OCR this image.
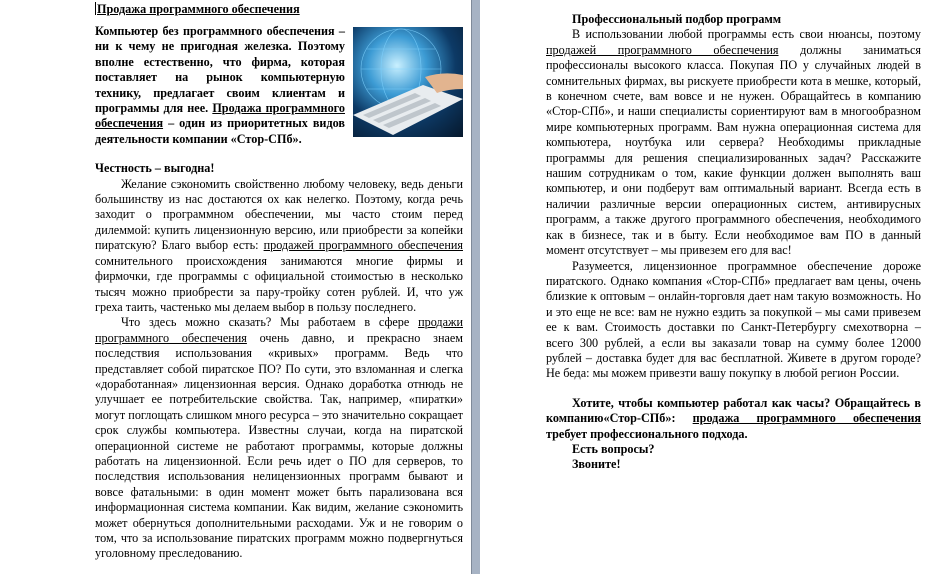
Продажа программного обеспечения

Компьютер без программного обеспечения – ни к чему не пригодная железка. Поэтому вполне естественно, что фирма, которая поставляет на рынок компьютерную технику, предлагает своим клиентам и программы для нее. Продажа программного обеспечения – один из приоритетных видов деятельности компании «Стор-СПб».

Честность – выгодна!

Желание сэкономить свойственно любому человеку, ведь деньги большинству из нас достаются ох как нелегко. Поэтому, когда речь заходит о программном обеспечении, мы часто стоим перед дилеммой: купить лицензионную версию, или приобрести за копейки пиратскую? Благо выбор есть: продажей программного обеспечения сомнительного происхождения занимаются многие фирмы и фирмочки, где программы с официальной стоимостью в несколько тысяч можно приобрести за пару-тройку сотен рублей. И, что уж греха таить, частенько мы делаем выбор в пользу последнего.

Что здесь можно сказать? Мы работаем в сфере продажи программного обеспечения очень давно, и прекрасно знаем последствия использования «кривых» программ. Ведь что представляет собой пиратское ПО? По сути, это взломанная и слегка «доработанная» лицензионная версия. Однако доработка отнюдь не улучшает ее потребительские свойства. Так, например, «пиратки» могут поглощать слишком много ресурса – это значительно сокращает срок службы компьютера. Известны случаи, когда на пиратской операционной системе не работают программы, которые должны работать на лицензионной. Если речь идет о ПО для серверов, то последствия использования нелицензионных программ бывают и вовсе фатальными: в один момент может быть парализована вся информационная система компании. Как видим, желание сэкономить может обернуться дополнительными расходами. Уж и не говорим о том, что за использование пиратских программ можно подвергнуться уголовному преследованию.

Профессиональный подбор программ

В использовании любой программы есть свои нюансы, поэтому продажей программного обеспечения должны заниматься профессионалы высокого класса. Покупая ПО у случайных людей в сомнительных фирмах, вы рискуете приобрести кота в мешке, который, в конечном счете, вам вовсе и не нужен. Обращайтесь в компанию «Стор-СПб», и наши специалисты сориентируют вам в многообразном мире компьютерных программ. Вам нужна операционная система для компьютера, ноутбука или сервера? Необходимы прикладные программы для решения специализированных задач? Расскажите нашим сотрудникам о том, какие функции должен выполнять ваш компьютер, и они подберут вам оптимальный вариант. Всегда есть в наличии различные версии операционных систем, антивирусных программ, а также другого программного обеспечения, необходимого как в бизнесе, так и в быту. Если необходимое вам ПО в данный момент отсутствует – мы привезем его для вас!

Разумеется, лицензионное программное обеспечение дороже пиратского. Однако компания «Стор-СПб» предлагает вам цены, очень близкие к оптовым – онлайн-торговля дает нам такую возможность. Но и это еще не все: вам не нужно ездить за покупкой – мы сами привезем ее к вам. Стоимость доставки по Санкт-Петербургу смехотворна – всего 300 рублей, а если вы заказали товар на сумму более 12000 рублей – доставка будет для вас бесплатной. Живете в другом городе? Не беда: мы можем привезти вашу покупку в любой регион России.

Хотите, чтобы компьютер работал как часы? Обращайтесь в компанию«Стор-СПб»: продажа программного обеспечения требует профессионального подхода.

Есть вопросы?

Звоните!
